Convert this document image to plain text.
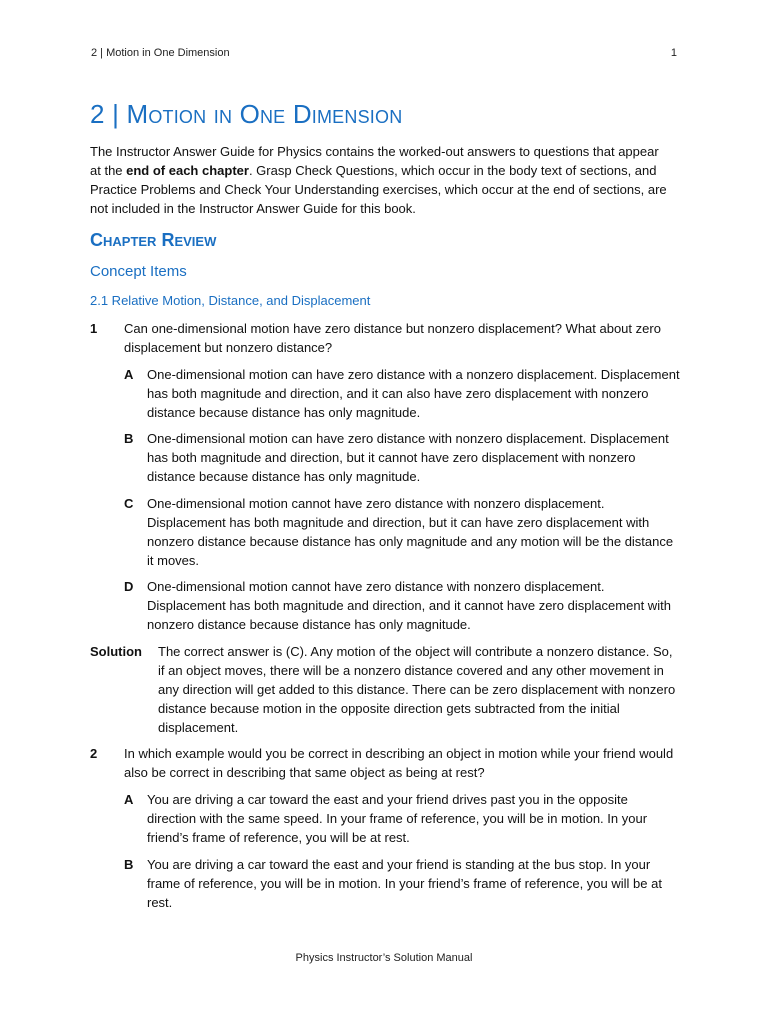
2 | Motion in One Dimension	1
2 | Motion in One Dimension

The Instructor Answer Guide for Physics contains the worked-out answers to questions that appear at the end of each chapter. Grasp Check Questions, which occur in the body text of sections, and Practice Problems and Check Your Understanding exercises, which occur at the end of sections, are not included in the Instructor Answer Guide for this book.

Chapter Review
Concept Items
2.1 Relative Motion, Distance, and Displacement
1 Can one-dimensional motion have zero distance but nonzero displacement? What about zero displacement but nonzero distance?
A One-dimensional motion can have zero distance with a nonzero displacement. Displacement has both magnitude and direction, and it can also have zero displacement with nonzero distance because distance has only magnitude.
B One-dimensional motion can have zero distance with nonzero displacement. Displacement has both magnitude and direction, but it cannot have zero displacement with nonzero distance because distance has only magnitude.
C One-dimensional motion cannot have zero distance with nonzero displacement. Displacement has both magnitude and direction, but it can have zero displacement with nonzero distance because distance has only magnitude and any motion will be the distance it moves.
D One-dimensional motion cannot have zero distance with nonzero displacement. Displacement has both magnitude and direction, and it cannot have zero displacement with nonzero distance because distance has only magnitude.
Solution The correct answer is (C). Any motion of the object will contribute a nonzero distance. So, if an object moves, there will be a nonzero distance covered and any other movement in any direction will get added to this distance. There can be zero displacement with nonzero distance because motion in the opposite direction gets subtracted from the initial displacement.
2 In which example would you be correct in describing an object in motion while your friend would also be correct in describing that same object as being at rest?
A You are driving a car toward the east and your friend drives past you in the opposite direction with the same speed. In your frame of reference, you will be in motion. In your friend’s frame of reference, you will be at rest.
B You are driving a car toward the east and your friend is standing at the bus stop. In your frame of reference, you will be in motion. In your friend’s frame of reference, you will be at rest.
Physics Instructor’s Solution Manual
